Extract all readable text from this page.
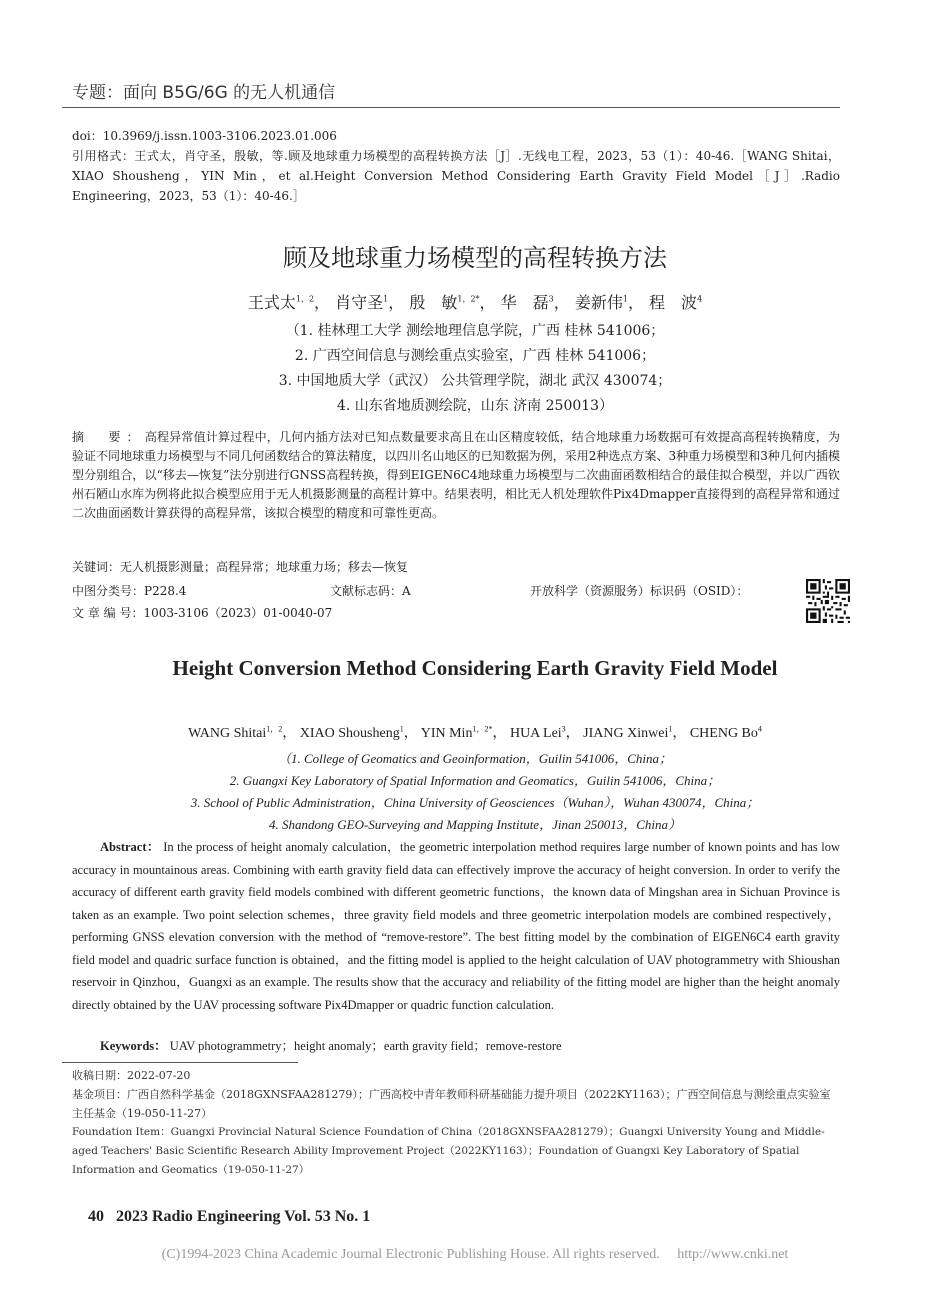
专题：面向 B5G/6G 的无人机通信

doi：10.3969/j.issn.1003-3106.2023.01.006

引用格式：王式太，肖守圣，殷敏，等.顾及地球重力场模型的高程转换方法［J］.无线电工程，2023，53（1）：40-46.［WANG Shitai，XIAO Shousheng，YIN Min，et al.Height Conversion Method Considering Earth Gravity Field Model［J］.Radio Engineering，2023，53（1）：40-46.］

顾及地球重力场模型的高程转换方法
王式太$^{1,2}$， 肖守圣$^1$， 殷　敏$^{1,2*}$， 华　磊$^3$， 姜新伟$^1$， 程　波$^4$
（1. 桂林理工大学 测绘地理信息学院，广西 桂林 541006；
2. 广西空间信息与测绘重点实验室，广西 桂林 541006；
3. 中国地质大学（武汉） 公共管理学院，湖北 武汉 430074；
4. 山东省地质测绘院，山东 济南 250013）
摘　要：高程异常值计算过程中，几何内插方法对已知点数量要求高且在山区精度较低，结合地球重力场数据可有效提高高程转换精度，为验证不同地球重力场模型与不同几何函数结合的算法精度，以四川名山地区的已知数据为例，采用2种选点方案、3种重力场模型和3种几何内插模型分别组合，以“移去—恢复”法分别进行GNSS高程转换，得到EIGEN6C4地球重力场模型与二次曲面函数相结合的最佳拟合模型，并以广西钦州石陋山水库为例将此拟合模型应用于无人机摄影测量的高程计算中。结果表明，相比无人机处理软件Pix4Dmapper直接得到的高程异常和通过二次曲面函数计算获得的高程异常，该拟合模型的精度和可靠性更高。
关键词：无人机摄影测量；高程异常；地球重力场；移去—恢复
中图分类号：P228.4	文献标志码：A	开放科学（资源服务）标识码（OSID）：
文 章 编 号：1003-3106（2023）01-0040-07
Height Conversion Method Considering Earth Gravity Field Model
WANG Shitai$^{1,2}$， XIAO Shousheng$^1$， YIN Min$^{1,2*}$， HUA Lei$^3$， JIANG Xinwei$^1$， CHENG Bo$^4$
（1. College of Geomatics and Geoinformation，Guilin 541006，China；
2. Guangxi Key Laboratory of Spatial Information and Geomatics，Guilin 541006，China；
3. School of Public Administration，China University of Geosciences（Wuhan），Wuhan 430074，China；
4. Shandong GEO-Surveying and Mapping Institute，Jinan 250013，China）
Abstract： In the process of height anomaly calculation，the geometric interpolation method requires large number of known points and has low accuracy in mountainous areas. Combining with earth gravity field data can effectively improve the accuracy of height conversion. In order to verify the accuracy of different earth gravity field models combined with different geometric functions，the known data of Mingshan area in Sichuan Province is taken as an example. Two point selection schemes，three gravity field models and three geometric interpolation models are combined respectively，performing GNSS elevation conversion with the method of “remove-restore”. The best fitting model by the combination of EIGEN6C4 earth gravity field model and quadric surface function is obtained，and the fitting model is applied to the height calculation of UAV photogrammetry with Shioushan reservoir in Qinzhou，Guangxi as an example. The results show that the accuracy and reliability of the fitting model are higher than the height anomaly directly obtained by the UAV processing software Pix4Dmapper or quadric function calculation.
Keywords： UAV photogrammetry；height anomaly；earth gravity field；remove-restore

收稿日期：2022-07-20

基金项目：广西自然科学基金（2018GXNSFAA281279）；广西高校中青年教师科研基础能力提升项目（2022KY1163）；广西空间信息与测绘重点实验室主任基金（19-050-11-27）

Foundation Item：Guangxi Provincial Natural Science Foundation of China（2018GXNSFAA281279）；Guangxi University Young and Middle-aged Teachers' Basic Scientific Research Ability Improvement Project（2022KY1163）；Foundation of Guangxi Key Laboratory of Spatial Information and Geomatics（19-050-11-27）

40 2023 Radio Engineering Vol. 53 No. 1
(C)1994-2023 China Academic Journal Electronic Publishing House. All rights reserved.　 http://www.cnki.net
